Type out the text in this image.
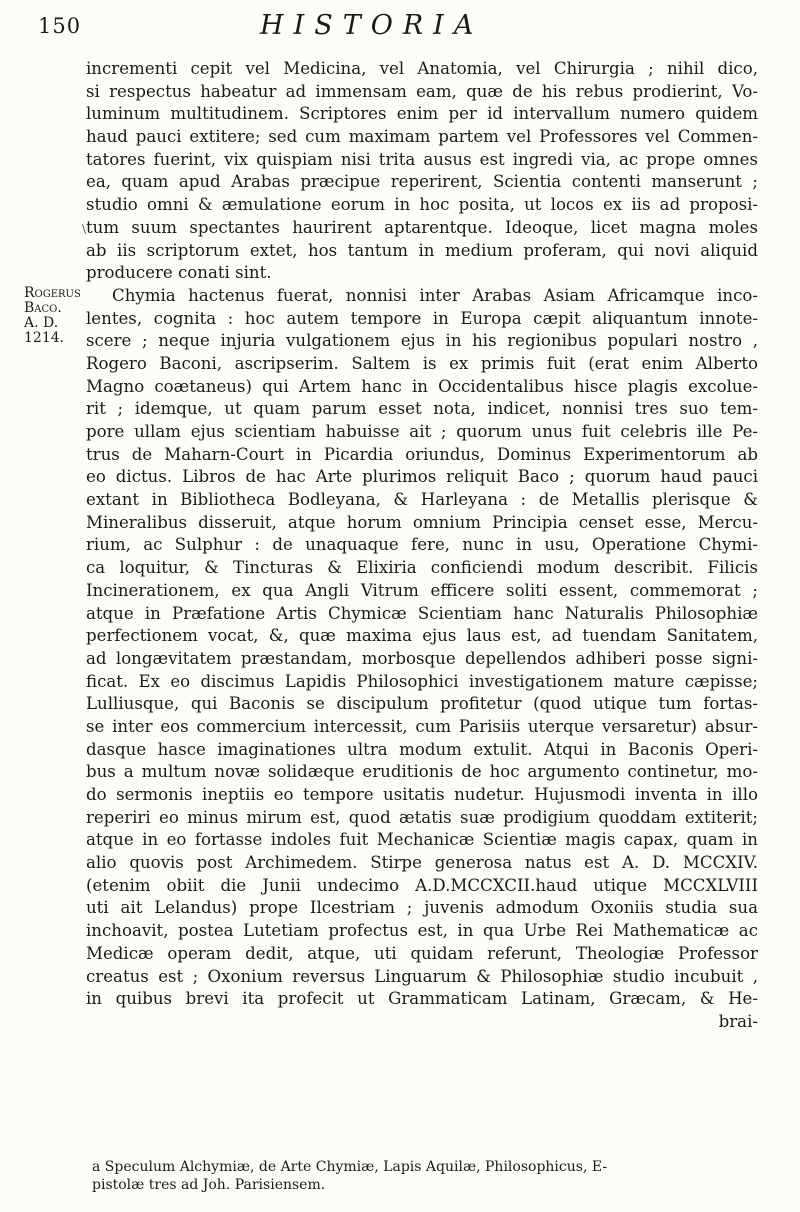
150	HISTORIA
\
Rogerus
Baco.
A. D.
1214.
incrementi cepit vel Medicina, vel Anatomia, vel Chirurgia ; nihil dico,
si respectus habeatur ad immensam eam, quæ de his rebus prodierint, Vo-
luminum multitudinem. Scriptores enim per id intervallum numero quidem
haud pauci extitere; sed cum maximam partem vel Professores vel Commen-
tatores fuerint, vix quispiam nisi trita ausus est ingredi via, ac prope omnes
ea, quam apud Arabas præcipue reperirent, Scientia contenti manserunt ;
studio omni & æmulatione eorum in hoc posita, ut locos ex iis ad proposi-
tum suum spectantes haurirent aptarentque. Ideoque, licet magna moles
ab iis scriptorum extet, hos tantum in medium proferam, qui novi aliquid
producere conati sint.
Chymia hactenus fuerat, nonnisi inter Arabas Asiam Africamque inco-
lentes, cognita : hoc autem tempore in Europa cæpit aliquantum innote-
scere ; neque injuria vulgationem ejus in his regionibus populari nostro ,
Rogero Baconi, ascripserim. Saltem is ex primis fuit (erat enim Alberto
Magno coætaneus) qui Artem hanc in Occidentalibus hisce plagis excolue-
rit ; idemque, ut quam parum esset nota, indicet, nonnisi tres suo tem-
pore ullam ejus scientiam habuisse ait ; quorum unus fuit celebris ille Pe-
trus de Maharn-Court in Picardia oriundus, Dominus Experimentorum ab
eo dictus. Libros de hac Arte plurimos reliquit Baco ; quorum haud pauci
extant in Bibliotheca Bodleyana, & Harleyana : de Metallis plerisque &
Mineralibus disseruit, atque horum omnium Principia censet esse, Mercu-
rium, ac Sulphur : de unaquaque fere, nunc in usu, Operatione Chymi-
ca loquitur, & Tincturas & Elixiria conficiendi modum describit. Filicis
Incinerationem, ex qua Angli Vitrum efficere soliti essent, commemorat ;
atque in Præfatione Artis Chymicæ Scientiam hanc Naturalis Philosophiæ
perfectionem vocat, &, quæ maxima ejus laus est, ad tuendam Sanitatem,
ad longævitatem præstandam, morbosque depellendos adhiberi posse signi-
ficat. Ex eo discimus Lapidis Philosophici investigationem mature cæpisse;
Lulliusque, qui Baconis se discipulum profitetur (quod utique tum fortas-
se inter eos commercium intercessit, cum Parisiis uterque versaretur) absur-
dasque hasce imaginationes ultra modum extulit. Atqui in Baconis Operi-
bus a multum novæ solidæque eruditionis de hoc argumento continetur, mo-
do sermonis ineptiis eo tempore usitatis nudetur. Hujusmodi inventa in illo
reperiri eo minus mirum est, quod ætatis suæ prodigium quoddam extiterit;
atque in eo fortasse indoles fuit Mechanicæ Scientiæ magis capax, quam in
alio quovis post Archimedem. Stirpe generosa natus est A. D. MCCXIV.
(etenim obiit die Junii undecimo A.D.MCCXCII.haud utique MCCXLVIII
uti ait Lelandus) prope Ilcestriam ; juvenis admodum Oxoniis studia sua
inchoavit, postea Lutetiam profectus est, in qua Urbe Rei Mathematicæ ac
Medicæ operam dedit, atque, uti quidam referunt, Theologiæ Professor
creatus est ; Oxonium reversus Linguarum & Philosophiæ studio incubuit ,
in quibus brevi ita profecit ut Grammaticam Latinam, Græcam, & He-
brai-
a Speculum Alchymiæ, de Arte Chymiæ, Lapis Aquilæ, Philosophicus, E-
pistolæ tres ad Joh. Parisiensem.
